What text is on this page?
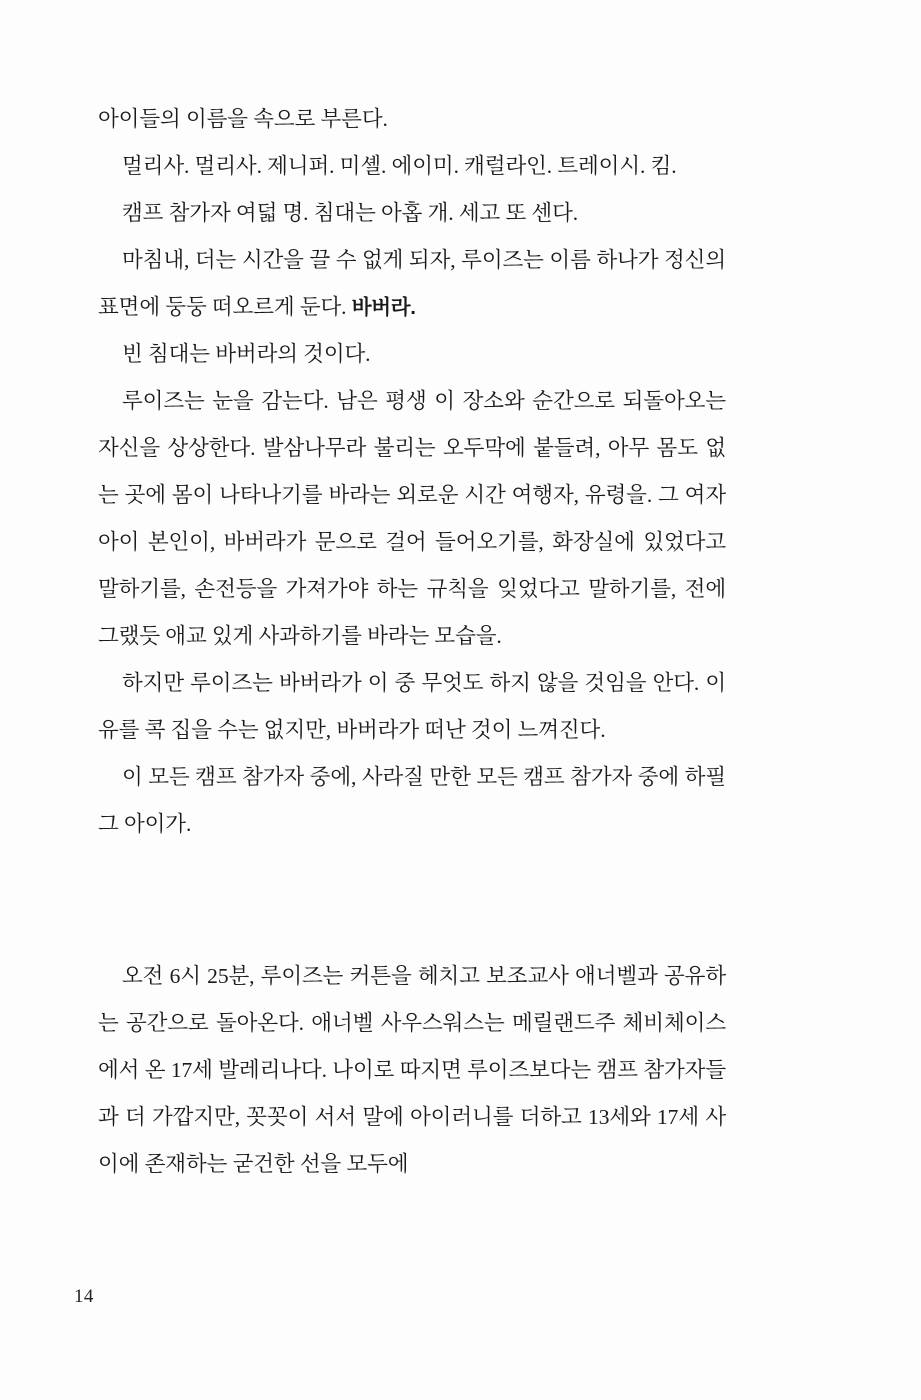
아이들의 이름을 속으로 부른다.

멀리사. 멀리사. 제니퍼. 미셸. 에이미. 캐럴라인. 트레이시. 킴.

캠프 참가자 여덟 명. 침대는 아홉 개. 세고 또 센다.

마침내, 더는 시간을 끌 수 없게 되자, 루이즈는 이름 하나가 정신의 표면에 둥둥 떠오르게 둔다. 바버라.

빈 침대는 바버라의 것이다.

루이즈는 눈을 감는다. 남은 평생 이 장소와 순간으로 되돌아오는 자신을 상상한다. 발삼나무라 불리는 오두막에 붙들려, 아무 몸도 없는 곳에 몸이 나타나기를 바라는 외로운 시간 여행자, 유령을. 그 여자아이 본인이, 바버라가 문으로 걸어 들어오기를, 화장실에 있었다고 말하기를, 손전등을 가져가야 하는 규칙을 잊었다고 말하기를, 전에 그랬듯 애교 있게 사과하기를 바라는 모습을.

하지만 루이즈는 바버라가 이 중 무엇도 하지 않을 것임을 안다. 이유를 콕 집을 수는 없지만, 바버라가 떠난 것이 느껴진다.

이 모든 캠프 참가자 중에, 사라질 만한 모든 캠프 참가자 중에 하필 그 아이가.

오전 6시 25분, 루이즈는 커튼을 헤치고 보조교사 애너벨과 공유하는 공간으로 돌아온다. 애너벨 사우스워스는 메릴랜드주 체비체이스에서 온 17세 발레리나다. 나이로 따지면 루이즈보다는 캠프 참가자들과 더 가깝지만, 꼿꼿이 서서 말에 아이러니를 더하고 13세와 17세 사이에 존재하는 굳건한 선을 모두에

14
